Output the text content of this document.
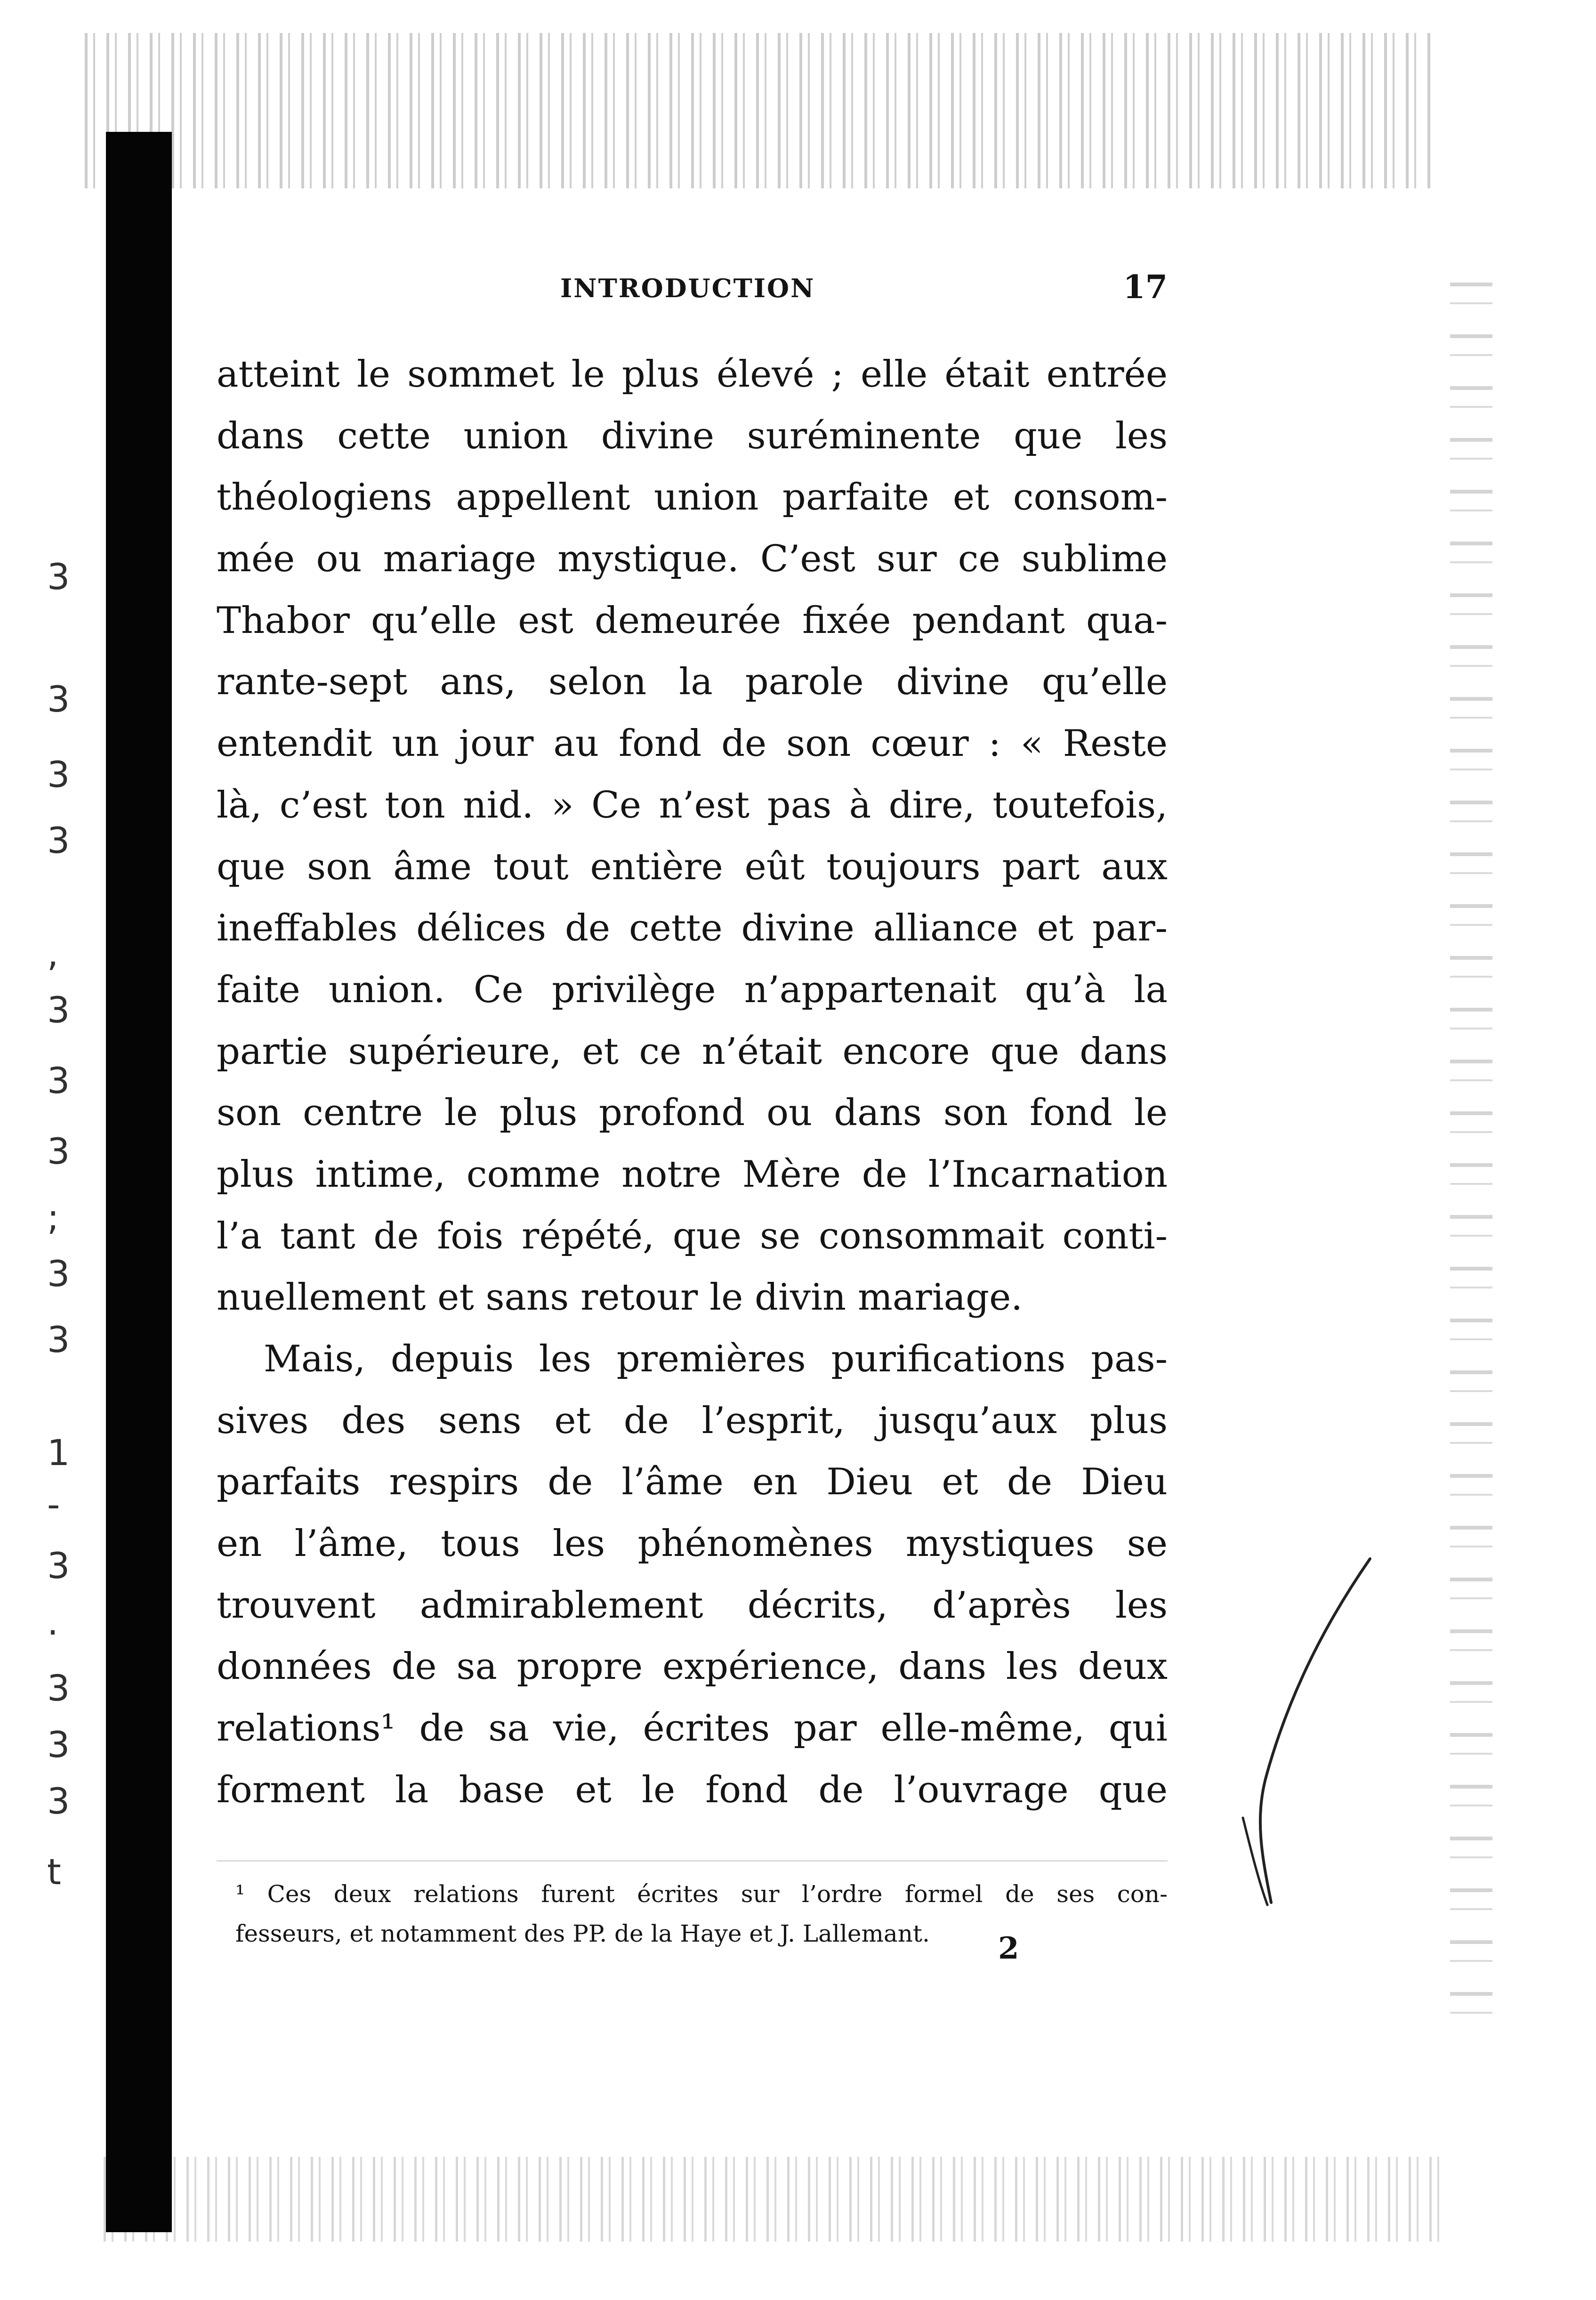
3
3
3
3
,
3
3
3
;
3
3
1
-
3
.
3
3
3
t
INTRODUCTION	17
atteint le sommet le plus élevé ; elle était entrée
dans cette union divine suréminente que les
théologiens appellent union parfaite et consom-
mée ou mariage mystique. C’est sur ce sublime
Thabor qu’elle est demeurée fixée pendant qua-
rante-sept ans, selon la parole divine qu’elle
entendit un jour au fond de son cœur : « Reste
là, c’est ton nid. » Ce n’est pas à dire, toutefois,
que son âme tout entière eût toujours part aux
ineffables délices de cette divine alliance et par-
faite union. Ce privilège n’appartenait qu’à la
partie supérieure, et ce n’était encore que dans
son centre le plus profond ou dans son fond le
plus intime, comme notre Mère de l’Incarnation
l’a tant de fois répété, que se consommait conti-
nuellement et sans retour le divin mariage.
Mais, depuis les premières purifications pas-
sives des sens et de l’esprit, jusqu’aux plus
parfaits respirs de l’âme en Dieu et de Dieu
en l’âme, tous les phénomènes mystiques se
trouvent admirablement décrits, d’après les
données de sa propre expérience, dans les deux
relations¹ de sa vie, écrites par elle-même, qui
forment la base et le fond de l’ouvrage que
¹ Ces deux relations furent écrites sur l’ordre formel de ses con-
fesseurs, et notamment des PP. de la Haye et J. Lallemant.	2
